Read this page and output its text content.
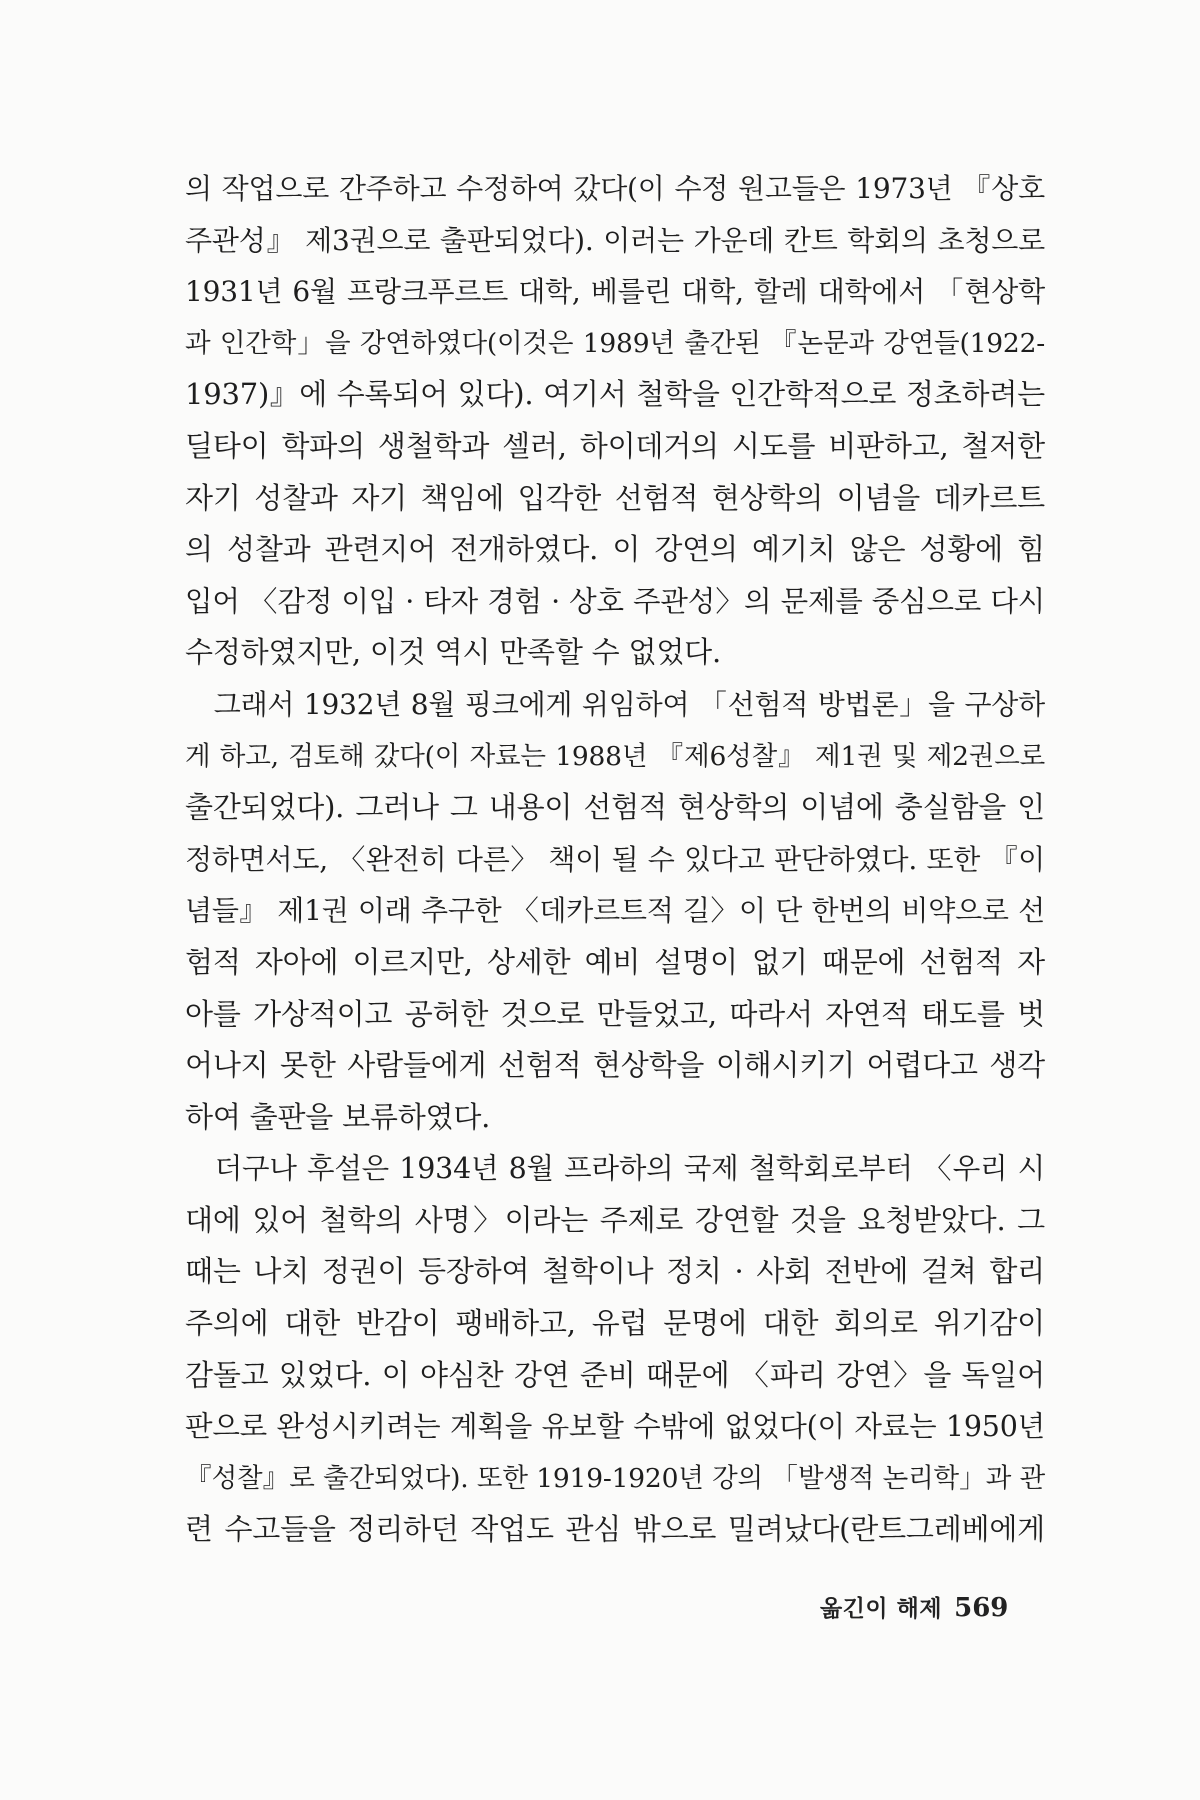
의 작업으로 간주하고 수정하여 갔다(이 수정 원고들은 1973년 『상호
주관성』 제3권으로 출판되었다). 이러는 가운데 칸트 학회의 초청으로
1931년 6월 프랑크푸르트 대학, 베를린 대학, 할레 대학에서 「현상학
과 인간학」을 강연하였다(이것은 1989년 출간된 『논문과 강연들(1922-
1937)』에 수록되어 있다). 여기서 철학을 인간학적으로 정초하려는
딜타이 학파의 생철학과 셀러, 하이데거의 시도를 비판하고, 철저한
자기 성찰과 자기 책임에 입각한 선험적 현상학의 이념을 데카르트
의 성찰과 관련지어 전개하였다. 이 강연의 예기치 않은 성황에 힘
입어 〈감정 이입 · 타자 경험 · 상호 주관성〉의 문제를 중심으로 다시
수정하였지만, 이것 역시 만족할 수 없었다.
　그래서 1932년 8월 핑크에게 위임하여 「선험적 방법론」을 구상하
게 하고, 검토해 갔다(이 자료는 1988년 『제6성찰』 제1권 및 제2권으로
출간되었다). 그러나 그 내용이 선험적 현상학의 이념에 충실함을 인
정하면서도, 〈완전히 다른〉 책이 될 수 있다고 판단하였다. 또한 『이
념들』 제1권 이래 추구한 〈데카르트적 길〉이 단 한번의 비약으로 선
험적 자아에 이르지만, 상세한 예비 설명이 없기 때문에 선험적 자
아를 가상적이고 공허한 것으로 만들었고, 따라서 자연적 태도를 벗
어나지 못한 사람들에게 선험적 현상학을 이해시키기 어렵다고 생각
하여 출판을 보류하였다.
　더구나 후설은 1934년 8월 프라하의 국제 철학회로부터 〈우리 시
대에 있어 철학의 사명〉이라는 주제로 강연할 것을 요청받았다. 그
때는 나치 정권이 등장하여 철학이나 정치 · 사회 전반에 걸쳐 합리
주의에 대한 반감이 팽배하고, 유럽 문명에 대한 회의로 위기감이
감돌고 있었다. 이 야심찬 강연 준비 때문에 〈파리 강연〉을 독일어
판으로 완성시키려는 계획을 유보할 수밖에 없었다(이 자료는 1950년
『성찰』로 출간되었다). 또한 1919-1920년 강의 「발생적 논리학」과 관
련 수고들을 정리하던 작업도 관심 밖으로 밀려났다(란트그레베에게
옮긴이 해제 569
